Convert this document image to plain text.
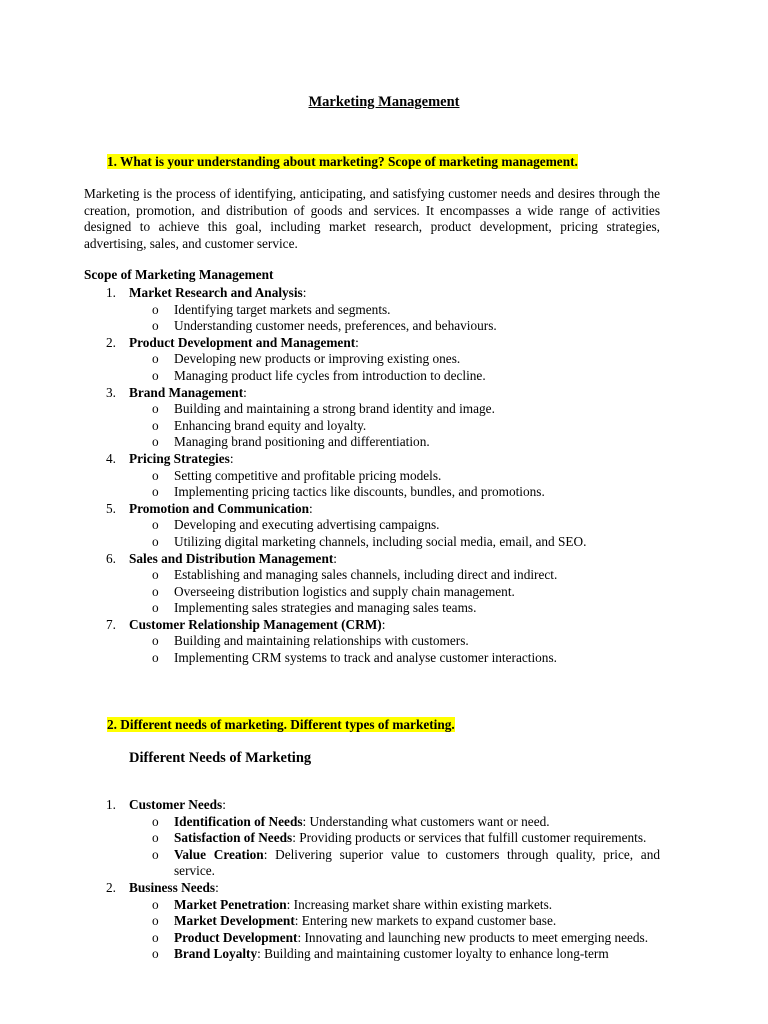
Marketing Management
1. What is your understanding about marketing? Scope of marketing management.

Marketing is the process of identifying, anticipating, and satisfying customer needs and desires through the creation, promotion, and distribution of goods and services. It encompasses a wide range of activities designed to achieve this goal, including market research, product development, pricing strategies, advertising, sales, and customer service.

Scope of Marketing Management
1. Market Research and Analysis:
o Identifying target markets and segments.
o Understanding customer needs, preferences, and behaviours.
2. Product Development and Management:
o Developing new products or improving existing ones.
o Managing product life cycles from introduction to decline.
3. Brand Management:
o Building and maintaining a strong brand identity and image.
o Enhancing brand equity and loyalty.
o Managing brand positioning and differentiation.
4. Pricing Strategies:
o Setting competitive and profitable pricing models.
o Implementing pricing tactics like discounts, bundles, and promotions.
5. Promotion and Communication:
o Developing and executing advertising campaigns.
o Utilizing digital marketing channels, including social media, email, and SEO.
6. Sales and Distribution Management:
o Establishing and managing sales channels, including direct and indirect.
o Overseeing distribution logistics and supply chain management.
o Implementing sales strategies and managing sales teams.
7. Customer Relationship Management (CRM):
o Building and maintaining relationships with customers.
o Implementing CRM systems to track and analyse customer interactions.
2. Different needs of marketing. Different types of marketing.
Different Needs of Marketing
1. Customer Needs:
o Identification of Needs: Understanding what customers want or need.
o Satisfaction of Needs: Providing products or services that fulfill customer requirements.
o Value Creation: Delivering superior value to customers through quality, price, and service.
2. Business Needs:
o Market Penetration: Increasing market share within existing markets.
o Market Development: Entering new markets to expand customer base.
o Product Development: Innovating and launching new products to meet emerging needs.
o Brand Loyalty: Building and maintaining customer loyalty to enhance long-term
